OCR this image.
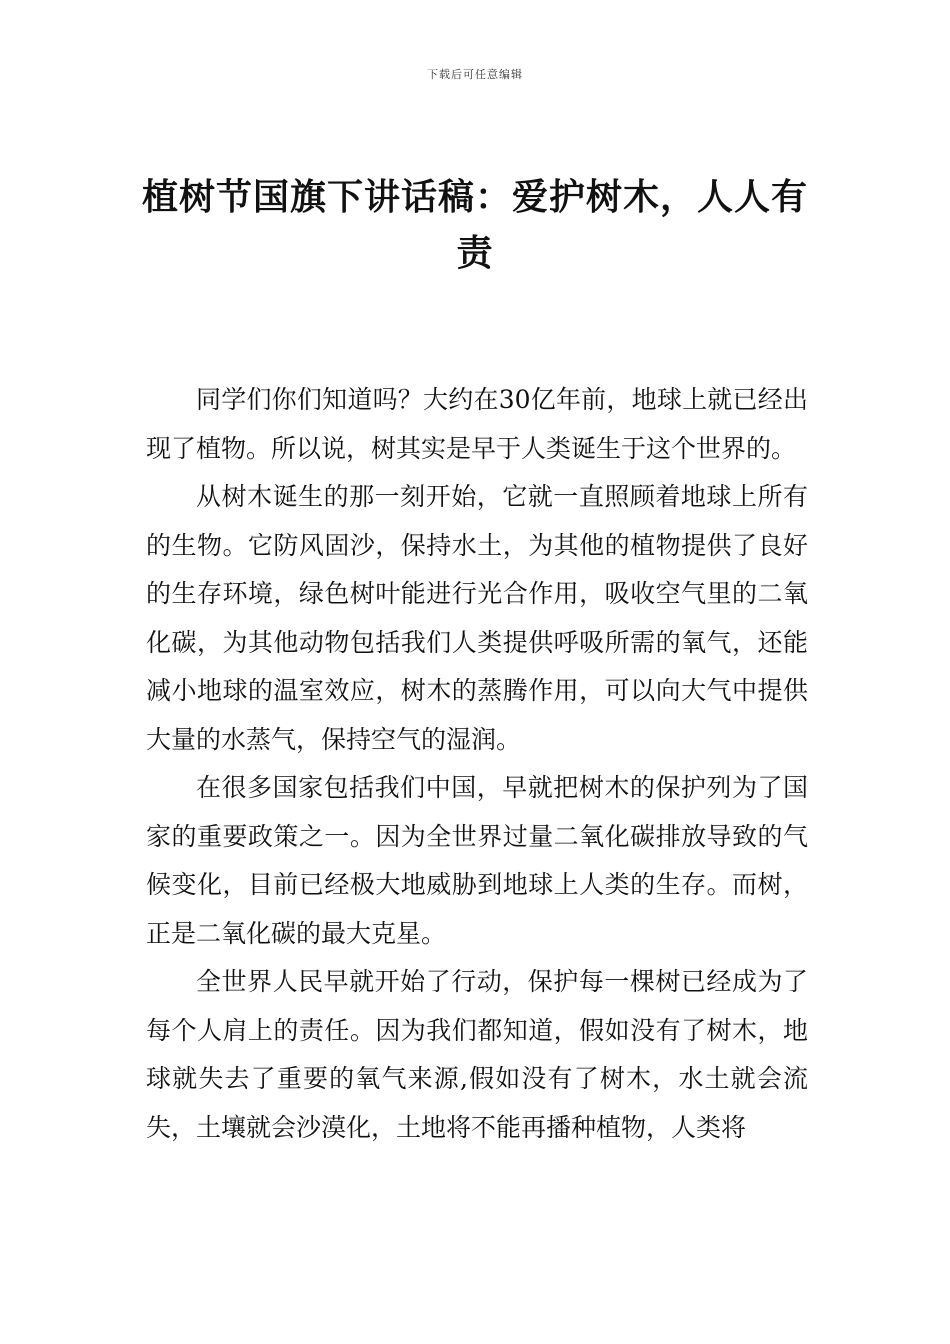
下载后可任意编辑
植树节国旗下讲话稿：爱护树木，人人有责

同学们你们知道吗？大约在30亿年前，地球上就已经出现了植物。所以说，树其实是早于人类诞生于这个世界的。

从树木诞生的那一刻开始，它就一直照顾着地球上所有的生物。它防风固沙，保持水土，为其他的植物提供了良好的生存环境，绿色树叶能进行光合作用，吸收空气里的二氧化碳，为其他动物包括我们人类提供呼吸所需的氧气，还能减小地球的温室效应，树木的蒸腾作用，可以向大气中提供大量的水蒸气，保持空气的湿润。

在很多国家包括我们中国，早就把树木的保护列为了国家的重要政策之一。因为全世界过量二氧化碳排放导致的气候变化，目前已经极大地威胁到地球上人类的生存。而树，正是二氧化碳的最大克星。

全世界人民早就开始了行动，保护每一棵树已经成为了每个人肩上的责任。因为我们都知道，假如没有了树木，地球就失去了重要的氧气来源,假如没有了树木，水土就会流失，土壤就会沙漠化，土地将不能再播种植物，人类将
